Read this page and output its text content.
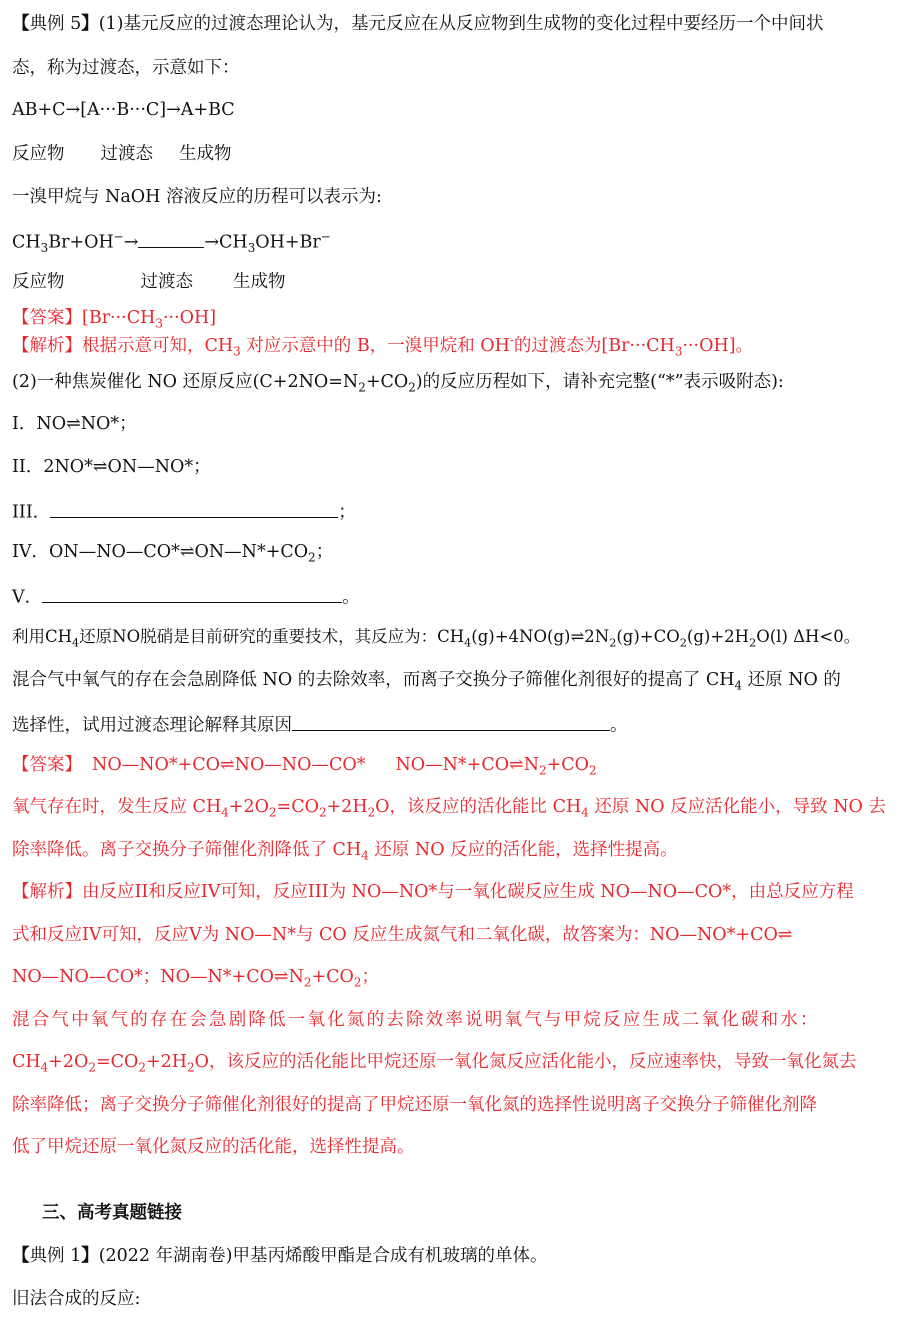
【典例 5】(1)基元反应的过渡态理论认为，基元反应在从反应物到生成物的变化过程中要经历一个中间状
态，称为过渡态，示意如下：
AB+C→[A···B···C]→A+BC
反应物 过渡态 生成物
一溴甲烷与 NaOH 溶液反应的历程可以表示为:
$CH_3Br+OH^-\to$	$\to CH_3OH+Br^-$
反应物	过渡态 生成物
【答案】$[Br\cdot\cdot\cdot CH_3\cdot\cdot\cdot OH]$
【解析】根据示意可知，$CH_3$ 对应示意中的 B，一溴甲烷和 OH-的过渡态为$[Br\cdot\cdot\cdot CH_3\cdot\cdot\cdot OH]$。
(2)一种焦炭催化 NO 还原反应$(C+2NO=N_2+CO_2)$的反应历程如下，请补充完整(“*”表示吸附态):
I．NO⇌NO*；
II．2NO*⇌ON—NO*；
III．	；
IV．$ON—NO—CO*\rightleftharpoons ON—N*+CO_2$；
V．	。
利用$CH_4$还原NO脱硝是目前研究的重要技术，其反应为：$CH_4(g)+4NO(g)\rightleftharpoons 2N_2(g)+CO_2(g)+2H_2O(l)$ ΔH<0。
混合气中氧气的存在会急剧降低 NO 的去除效率，而离子交换分子筛催化剂很好的提高了 $CH_4$ 还原 NO 的
选择性，试用过渡态理论解释其原因	。
【答案】 NO—NO*+CO⇌NO—NO—CO* $NO—N*+CO\rightleftharpoons N_2+CO_2$
氧气存在时，发生反应 $CH_4+2O_2=CO_2+2H_2O$，该反应的活化能比 $CH_4$ 还原 NO 反应活化能小，导致 NO 去
除率降低。离子交换分子筛催化剂降低了 $CH_4$ 还原 NO 反应的活化能，选择性提高。
【解析】由反应II和反应IV可知，反应III为 NO—NO*与一氧化碳反应生成 NO—NO—CO*，由总反应方程
式和反应IV可知，反应V为 NO—N*与 CO 反应生成氮气和二氧化碳，故答案为：NO—NO*+CO⇌
NO—NO—CO*；$NO—N*+CO\rightleftharpoons N_2+CO_2$；
混合气中氧气的存在会急剧降低一氧化氮的去除效率说明氧气与甲烷反应生成二氧化碳和水：
$CH_4+2O_2=CO_2+2H_2O$，该反应的活化能比甲烷还原一氧化氮反应活化能小，反应速率快，导致一氧化氮去
除率降低；离子交换分子筛催化剂很好的提高了甲烷还原一氧化氮的选择性说明离子交换分子筛催化剂降
低了甲烷还原一氧化氮反应的活化能，选择性提高。
三、高考真题链接
【典例 1】(2022 年湖南卷)甲基丙烯酸甲酯是合成有机玻璃的单体。
旧法合成的反应:
